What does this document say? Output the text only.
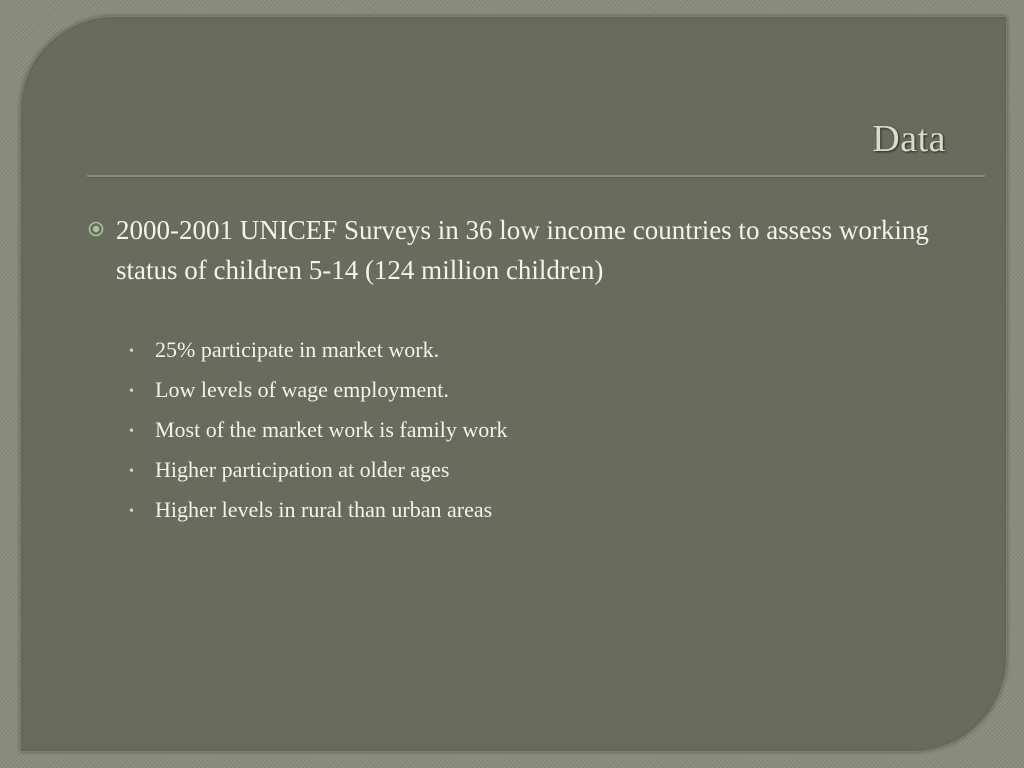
Data
2000-2001 UNICEF Surveys in 36 low income countries to assess working status of children 5-14 (124 million children)
• 25% participate in market work.
• Low levels of wage employment.
• Most of the market work is family work
• Higher participation at older ages
• Higher levels in rural than urban areas
